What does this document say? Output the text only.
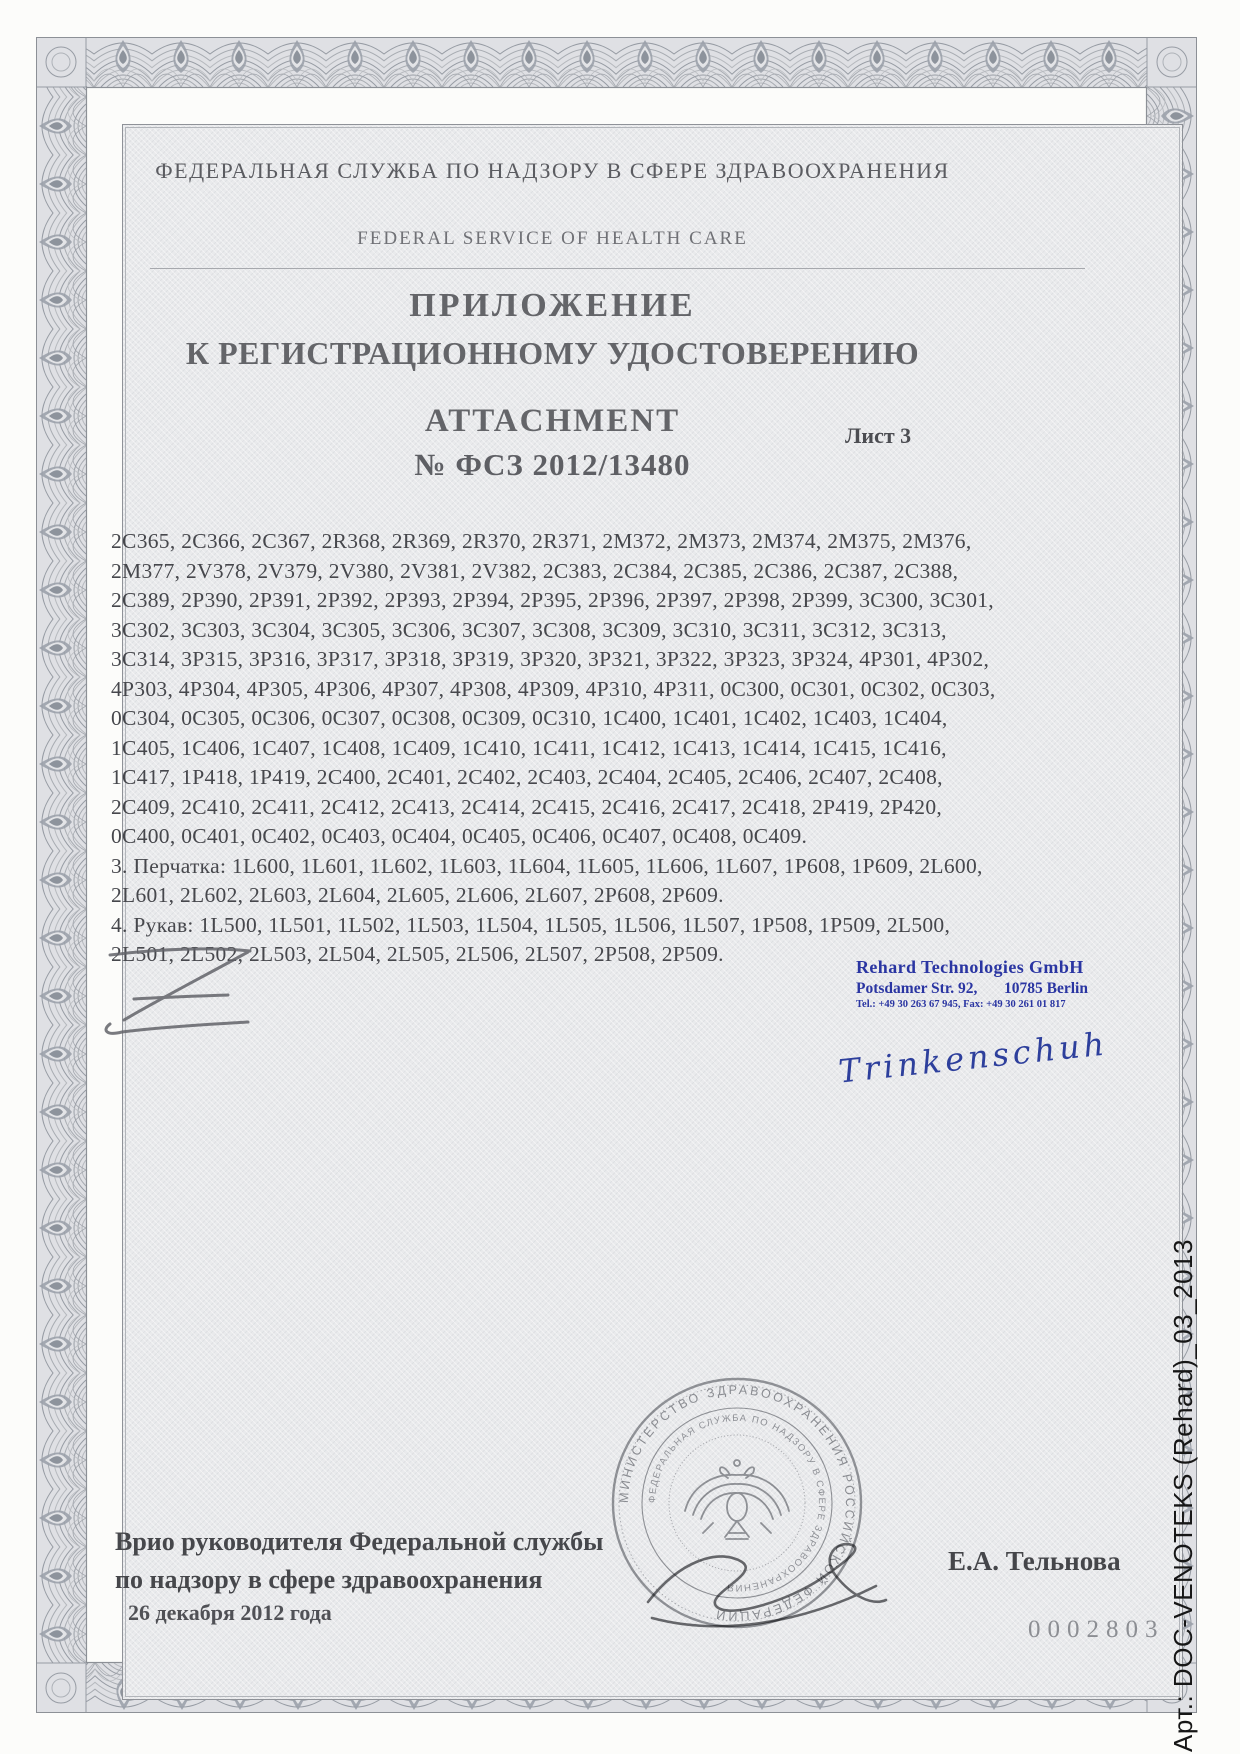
ФЕДЕРАЛЬНАЯ СЛУЖБА ПО НАДЗОРУ В СФЕРЕ ЗДРАВООХРАНЕНИЯ
FEDERAL SERVICE OF HEALTH CARE
ПРИЛОЖЕНИЕ
К РЕГИСТРАЦИОННОМУ УДОСТОВЕРЕНИЮ
ATTACHMENT	Лист 3
№ ФСЗ 2012/13480
2C365, 2C366, 2C367, 2R368, 2R369, 2R370, 2R371, 2M372, 2M373, 2M374, 2M375, 2M376,
2M377, 2V378, 2V379, 2V380, 2V381, 2V382, 2C383, 2C384, 2C385, 2C386, 2C387, 2C388,
2C389, 2P390, 2P391, 2P392, 2P393, 2P394, 2P395, 2P396, 2P397, 2P398, 2P399, 3C300, 3C301,
3C302, 3C303, 3C304, 3C305, 3C306, 3C307, 3C308, 3C309, 3C310, 3C311, 3C312, 3C313,
3C314, 3P315, 3P316, 3P317, 3P318, 3P319, 3P320, 3P321, 3P322, 3P323, 3P324, 4P301, 4P302,
4P303, 4P304, 4P305, 4P306, 4P307, 4P308, 4P309, 4P310, 4P311, 0C300, 0C301, 0C302, 0C303,
0C304, 0C305, 0C306, 0C307, 0C308, 0C309, 0C310, 1C400, 1C401, 1C402, 1C403, 1C404,
1C405, 1C406, 1C407, 1C408, 1C409, 1C410, 1C411, 1C412, 1C413, 1C414, 1C415, 1C416,
1C417, 1P418, 1P419, 2C400, 2C401, 2C402, 2C403, 2C404, 2C405, 2C406, 2C407, 2C408,
2C409, 2C410, 2C411, 2C412, 2C413, 2C414, 2C415, 2C416, 2C417, 2C418, 2P419, 2P420,
0C400, 0C401, 0C402, 0C403, 0C404, 0C405, 0C406, 0C407, 0C408, 0C409.
3. Перчатка: 1L600, 1L601, 1L602, 1L603, 1L604, 1L605, 1L606, 1L607, 1P608, 1P609, 2L600,
2L601, 2L602, 2L603, 2L604, 2L605, 2L606, 2L607, 2P608, 2P609.
4. Рукав: 1L500, 1L501, 1L502, 1L503, 1L504, 1L505, 1L506, 1L507, 1P508, 1P509, 2L500,
2L501, 2L502, 2L503, 2L504, 2L505, 2L506, 2L507, 2P508, 2P509.
Rehard Technologies GmbH
Potsdamer Str. 92, 10785 Berlin
Tel.: +49 30 263 67 945, Fax: +49 30 261 01 817
Trinkenschuh
Врио руководителя Федеральной службы
по надзору в сфере здравоохранения
26 декабря 2012 года
Е.А. Тельнова
0002803
МИНИСТЕРСТВО ЗДРАВООХРАНЕНИЯ РОССИЙСКОЙ ФЕДЕРАЦИИ
ФЕДЕРАЛЬНАЯ СЛУЖБА ПО НАДЗОРУ В СФЕРЕ ЗДРАВООХРАНЕНИЯ	Арт.: DOC-VENOTEKS (Rehard)_03_2013
